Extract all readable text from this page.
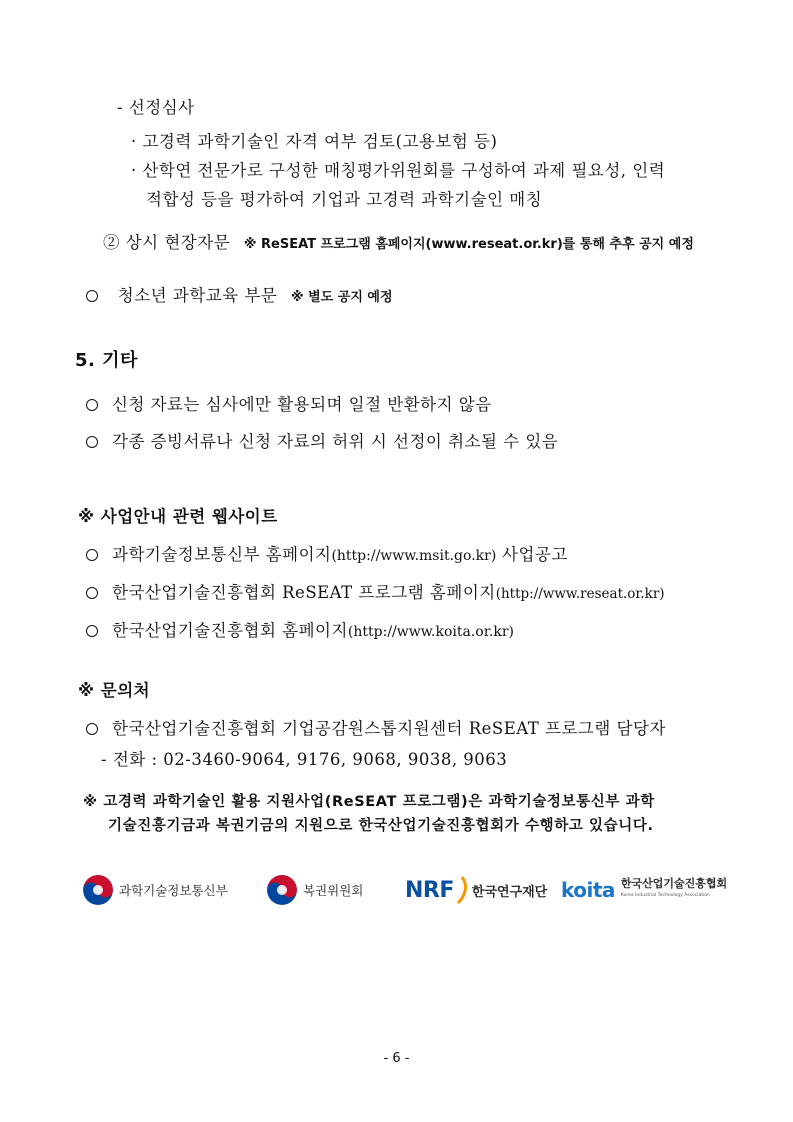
- 선정심사
· 고경력 과학기술인 자격 여부 검토(고용보험 등)
· 산학연 전문가로 구성한 매칭평가위원회를 구성하여 과제 필요성, 인력
적합성 등을 평가하여 기업과 고경력 과학기술인 매칭
② 상시 현장자문 ※ ReSEAT 프로그램 홈페이지(www.reseat.or.kr)를 통해 추후 공지 예정
청소년 과학교육 부문 ※ 별도 공지 예정
5. 기타
신청 자료는 심사에만 활용되며 일절 반환하지 않음
각종 증빙서류나 신청 자료의 허위 시 선정이 취소될 수 있음
※ 사업안내 관련 웹사이트
과학기술정보통신부 홈페이지(http://www.msit.go.kr) 사업공고
한국산업기술진흥협회 ReSEAT 프로그램 홈페이지(http://www.reseat.or.kr)
한국산업기술진흥협회 홈페이지(http://www.koita.or.kr)
※ 문의처
한국산업기술진흥협회 기업공감원스톱지원센터 ReSEAT 프로그램 담당자
- 전화 : 02-3460-9064, 9176, 9068, 9038, 9063
※ 고경력 과학기술인 활용 지원사업(ReSEAT 프로그램)은 과학기술정보통신부 과학
기술진흥기금과 복권기금의 지원으로 한국산업기술진흥협회가 수행하고 있습니다.
과학기술정보통신부	복권위원회 NRF 한국연구재단 koita 한국산업기술진흥협회
Korea Industrial Technology Association
- 6 -
